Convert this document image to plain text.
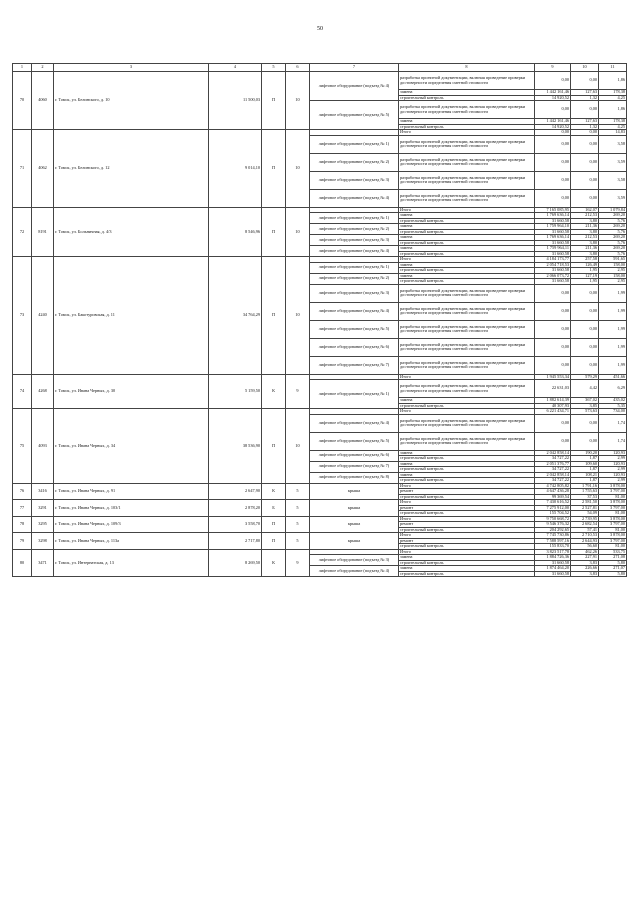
50
1	2	3	4	5	6	7	8	9	10	11
70	4060	г. Томск, ул. Белинского, д. 10	11 500,03	П	10	лифтовое оборудование (подъезд № 4)	разработка проектной документации, включая проведение проверки достоверности определения сметной стоимости	0,00	0,00	1,86
							замена	1 442 161,46	127,63	178,38
							строительный контроль	14 920,52	1,32	4,25
						лифтовое оборудование (подъезд № 5)	разработка проектной документации, включая проведение проверки достоверности определения сметной стоимости	0,00	0,00	1,86
							замена	1 442 161,46	127,63	178,38
							строительный контроль	14 920,52	1,32	4,25
71	4062	г. Томск, ул. Белинского, д. 12	9 014,10	П	10		Итого	0,00	0,00	14,83
						лифтовое оборудование (подъезд № 1)	разработка проектной документации, включая проведение проверки достоверности определения сметной стоимости	0,00	0,00	3,58
						лифтовое оборудование (подъезд № 2)	разработка проектной документации, включая проведение проверки достоверности определения сметной стоимости	0,00	0,00	3,59
						лифтовое оборудование (подъезд № 3)	разработка проектной документации, включая проведение проверки достоверности определения сметной стоимости	0,00	0,00	3,58
						лифтовое оборудование (подъезд № 4)	разработка проектной документации, включая проведение проверки достоверности определения сметной стоимости	0,00	0,00	3,59
72	8191	г. Томск, ул. Больничная, д. 4/3	8 546,96	П	10		Итого	7 165 085,95	162,07	1 079,84
						лифтовое оборудование (подъезд № 1)	замена	1 769 636,14	212,53	269,20
							строительный контроль	31 660,58	3,80	5,76
						лифтовое оборудование (подъезд № 2)	замена	1 759 964,10	211,36	269,20
							строительный контроль	31 660,58	3,80	5,76
						лифтовое оборудование (подъезд № 3)	замена	1 769 636,14	212,53	269,20
							строительный контроль	31 660,58	3,80	5,76
						лифтовое оборудование (подъезд № 4)	замена	1 759 964,11	211,36	269,20
							строительный контроль	31 660,58	3,80	5,76
73	4240	г. Томск, ул. Бакотуровская, д. 11	34 764,29	П	10		Итого	4 184 173,77	257,58	591,65
						лифтовое оборудование (подъезд № 1)	замена	2 054 718,53	126,49	158,00
							строительный контроль	31 660,58	1,95	2,95
						лифтовое оборудование (подъезд № 2)	замена	2 066 073,72	127,19	158,00
							строительный контроль	31 660,58	1,95	2,95
						лифтовое оборудование (подъезд № 3)	разработка проектной документации, включая проведение проверки достоверности определения сметной стоимости	0,00	0,00	1,99
						лифтовое оборудование (подъезд № 4)	разработка проектной документации, включая проведение проверки достоверности определения сметной стоимости	0,00	0,00	1,99
						лифтовое оборудование (подъезд № 5)	разработка проектной документации, включая проведение проверки достоверности определения сметной стоимости	0,00	0,00	1,99
						лифтовое оборудование (подъезд № 6)	разработка проектной документации, включая проведение проверки достоверности определения сметной стоимости	0,00	0,00	1,99
						лифтовое оборудование (подъезд № 7)	разработка проектной документации, включая проведение проверки достоверности определения сметной стоимости	0,00	0,00	1,99
74	4268	г. Томск, ул. Ивана Черных, д. 30	5 159,50	К	9		Итого	1 945 553,34	579,29	451,66
						лифтовое оборудование (подъезд № 1)	разработка проектной документации, включая проведение проверки достоверности определения сметной стоимости	22 631,03	4,42	6,29
							замена	1 882 614,39	367,02	435,02
							строительный контроль	40 307,93	3,85	5,35
75	4093	г. Томск, ул. Ивана Черных, д. 34	38 536,90	П	10		Итого	6 221 434,71	573,63	734,00
						лифтовое оборудование (подъезд № 4)	разработка проектной документации, включая проведение проверки достоверности определения сметной стоимости	0,00	0,00	1,74
						лифтовое оборудование (подъезд № 5)	разработка проектной документации, включая проведение проверки достоверности определения сметной стоимости	0,00	0,00	1,74
						лифтовое оборудование (подъезд № 6)	замена	2 042 858,14	190,20	120,93
							строительный контроль	34 727,22	1,87	2,99
						лифтовое оборудование (подъезд № 7)	замена	2 051 376,77	109,60	120,93
							строительный контроль	34 727,22	1,87	2,99
						лифтовое оборудование (подъезд № 8)	замена	2 042 858,14	108,21	120,93
							строительный контроль	34 727,22	1,87	2,99
76	3416	г. Томск, ул. Ивана Черных, д. 91	2 647,90	К	5	крыша	Итого	4 742 805,82	1 791,16	3 878,00
							ремонт	4 647 436,28	1 755,63	3 797,00
							строительный контроль	99 369,54	37,53	81,00
77	3291	г. Томск, ул. Ивана Черных, д. 103/1	2 878,20	Б	5	крыша	Итого	7 430 616,52	2 581,50	3 878,00
							ремонт	7 275 912,00	2 527,81	3 797,00
							строительный контроль	155 704,52	54,09	81,00
78	3295	г. Томск, ул. Ивана Черных, д. 109/3	3 558,70	П	5	крыша	Итого	9 750 668,72	2 739,95	3 878,00
							ремонт	9 546 376,32	2 682,54	3 797,00
							строительный контроль	204 292,65	57,41	81,00
79	3298	г. Томск, ул. Ивана Черных, д. 113а	2 717,80	П	5	крыша	Итого	7 745 730,86	2 710,53	3 878,00
							ремонт	7 588 597,16	2 644,93	3 797,00
							строительный контроль	155 833,70	56,60	81,00
80	3471	г. Томск, ул. Интернатская, д. 13	8 269,50	К	9		Итого	3 823 517,78	462,26	533,75
						лифтовое оборудование (подъезд № 3)	замена	1 884 726,36	227,91	271,08
							строительный контроль	31 660,58	3,83	5,80
						лифтовое оборудование (подъезд № 4)	замена	1 874 464,20	226,66	271,07
							строительный контроль	31 660,58	3,83	5,80
